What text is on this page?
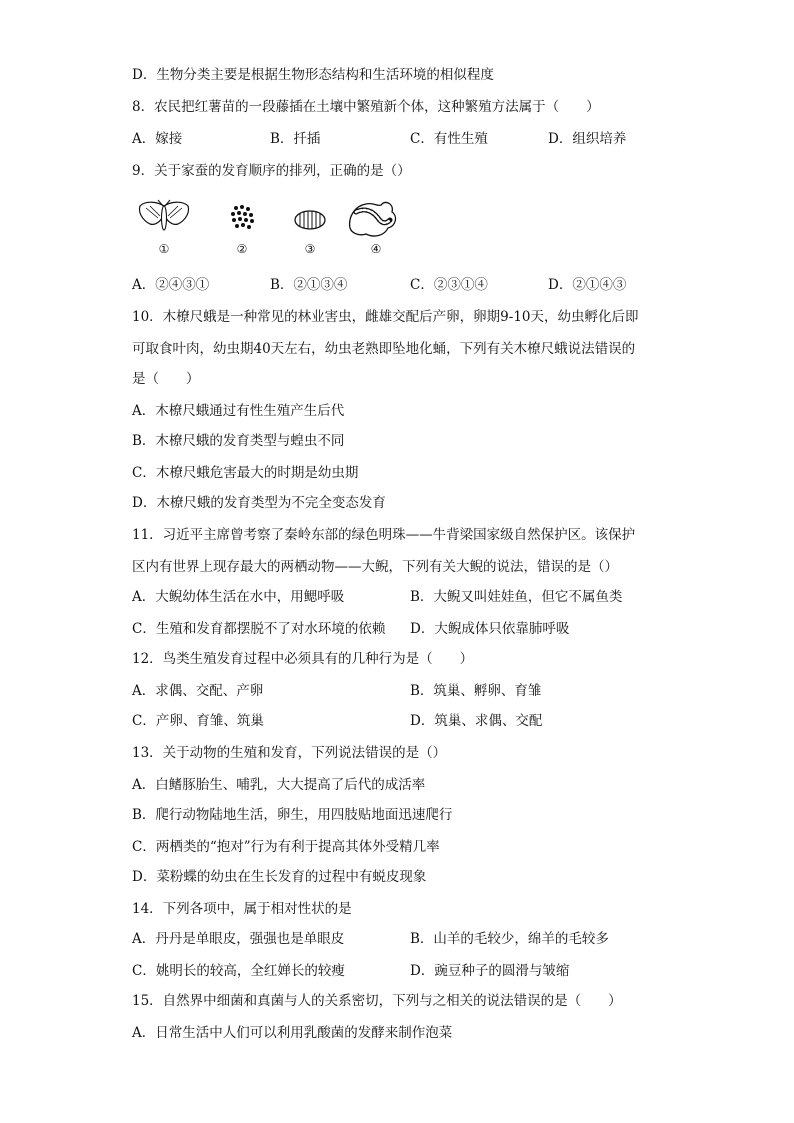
D．生物分类主要是根据生物形态结构和生活环境的相似程度
8．农民把红薯苗的一段藤插在土壤中繁殖新个体，这种繁殖方法属于（　　）
A．嫁接	B．扦插	C．有性生殖	D．组织培养
9．关于家蚕的发育顺序的排列，正确的是（）
①	②	③	④
A．②④③①	B．②①③④	C．②③①④	D．②①④③
10．木橑尺蛾是一种常见的林业害虫，雌雄交配后产卵，卵期9-10天，幼虫孵化后即
可取食叶肉，幼虫期40天左右，幼虫老熟即坠地化蛹，下列有关木橑尺蛾说法错误的
是（　　）
A．木橑尺蛾通过有性生殖产生后代
B．木橑尺蛾的发育类型与蝗虫不同
C．木橑尺蛾危害最大的时期是幼虫期
D．木橑尺蛾的发育类型为不完全变态发育
11．习近平主席曾考察了秦岭东部的绿色明珠——牛背梁国家级自然保护区。该保护
区内有世界上现存最大的两栖动物——大鲵，下列有关大鲵的说法，错误的是（）
A．大鲵幼体生活在水中，用鳃呼吸	B．大鲵又叫娃娃鱼，但它不属鱼类
C．生殖和发育都摆脱不了对水环境的依赖 D．大鲵成体只依靠肺呼吸
12．鸟类生殖发育过程中必须具有的几种行为是（　　）
A．求偶、交配、产卵	B．筑巢、孵卵、育雏
C．产卵、育雏、筑巢	D．筑巢、求偶、交配
13．关于动物的生殖和发育，下列说法错误的是（）
A．白鳍豚胎生、哺乳，大大提高了后代的成活率
B．爬行动物陆地生活，卵生，用四肢贴地面迅速爬行
C．两栖类的“抱对”行为有利于提高其体外受精几率
D．菜粉蝶的幼虫在生长发育的过程中有蜕皮现象
14．下列各项中，属于相对性状的是
A．丹丹是单眼皮，强强也是单眼皮	B．山羊的毛较少，绵羊的毛较多
C．姚明长的较高，全红婵长的较瘦	D．豌豆种子的圆滑与皱缩
15．自然界中细菌和真菌与人的关系密切，下列与之相关的说法错误的是（　　）
A．日常生活中人们可以利用乳酸菌的发酵来制作泡菜
